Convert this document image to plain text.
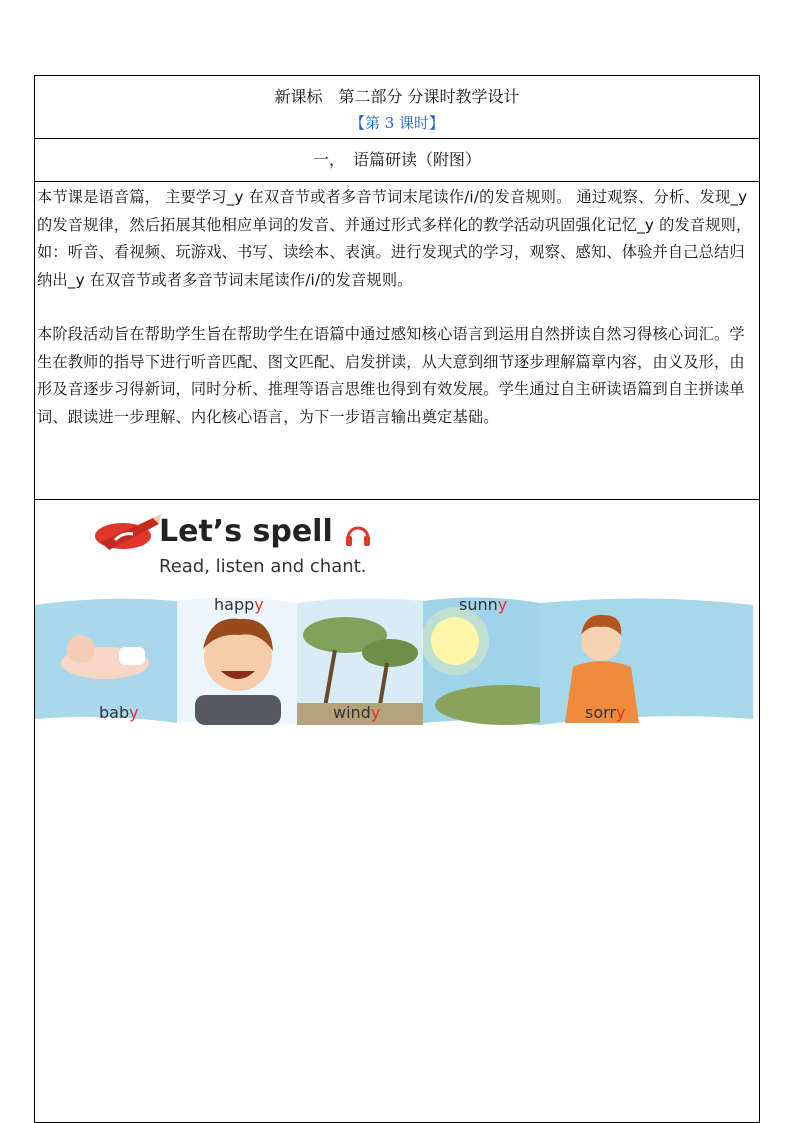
新课标　第二部分 分课时教学设计
【第 3 课时】
一，　语篇研读（附图）

本节课是语音篇， 主要学习_y 在双音节或者多音节词末尾读作/i/的发音规则。 通过观察、分析、发现_y 的发音规律，然后拓展其他相应单词的发音、并通过形式多样化的教学活动巩固强化记忆_y 的发音规则，如：听音、看视频、玩游戏、书写、读绘本、表演。进行发现式的学习，观察、感知、体验并自己总结归纳出_y 在双音节或者多音节词末尾读作/i/的发音规则。

本阶段活动旨在帮助学生旨在帮助学生在语篇中通过感知核心语言到运用自然拼读自然习得核心词汇。学生在教师的指导下进行听音匹配、图文匹配、启发拼读，从大意到细节逐步理解篇章内容，由义及形，由形及音逐步习得新词，同时分析、推理等语言思维也得到有效发展。学生通过自主研读语篇到自主拼读单词、跟读进一步理解、内化核心语言，为下一步语言输出奠定基础。

Let’s spell
Read, listen and chant.
happy	sunny
baby	windy	sorry
